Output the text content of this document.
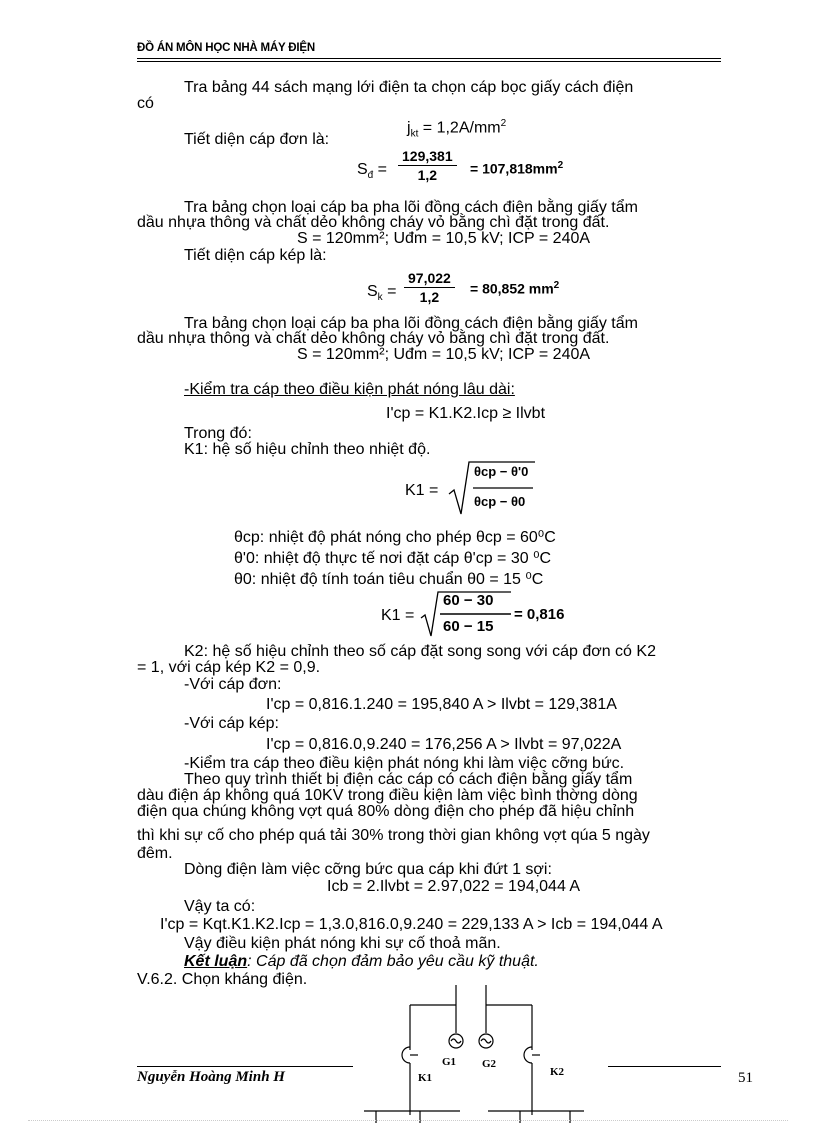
ĐỒ ÁN MÔN HỌC NHÀ MÁY ĐIỆN
Tra bảng 44 sách mạng lới điện ta chọn cáp bọc giấy cách điện
có
$j_{kt} = 1,2A/mm^2$
Tiết diện cáp đơn là:
$S_đ = \frac{129,381}{1,2} = 107,818mm^2$
Tra bảng chọn loại cáp ba pha lõi đồng cách điện bằng giấy tẩm
dầu nhựa thông và chất dẻo không cháy vỏ bằng chì đặt trong đất.
S = 120mm²; Uđm = 10,5 kV; ICP = 240A
Tiết diện cáp kép là:
$S_k = \frac{97,022}{1,2} = 80,852$ $mm^2$
Tra bảng chọn loại cáp ba pha lõi đồng cách điện bằng giấy tẩm
dầu nhựa thông và chất dẻo không cháy vỏ bằng chì đặt trong đất.
S = 120mm²; Uđm = 10,5 kV; ICP = 240A
-Kiểm tra cáp theo điều kiện phát nóng lâu dài:
I'cp = K1.K2.Icp ≥ Ilvbt
Trong đó:
K1: hệ số hiệu chỉnh theo nhiệt độ.
K1 =
θcp − θ'0
θcp − θ0
θcp: nhiệt độ phát nóng cho phép θcp = 60⁰C
θ'0: nhiệt độ thực tế nơi đặt cáp θ'cp = 30 ⁰C
θ0: nhiệt độ tính toán tiêu chuẩn θ0 = 15 ⁰C
K1 =
60 − 30
60 − 15
= 0,816
K2: hệ số hiệu chỉnh theo số cáp đặt song song với cáp đơn có K2
= 1, với cáp kép K2 = 0,9.
-Với cáp đơn:
I'cp = 0,816.1.240 = 195,840 A > Ilvbt = 129,381A
-Với cáp kép:
I'cp = 0,816.0,9.240 = 176,256 A > Ilvbt = 97,022A
-Kiểm tra cáp theo điều kiện phát nóng khi làm việc cỡng bức.
Theo quy trình thiết bị điện các cáp có cách điện bằng giấy tẩm
dàu điện áp không quá 10KV trong điều kiện làm việc bình thờng dòng
điện qua chúng không vợt quá 80% dòng điện cho phép đã hiệu chỉnh
thì khi sự cố cho phép quá tải 30% trong thời gian không vợt qúa 5 ngày
đêm.
Dòng điện làm việc cỡng bức qua cáp khi đứt 1 sợi:
Icb = 2.Ilvbt = 2.97,022 = 194,044 A
Vậy ta có:
I'cp = Kqt.K1.K2.Icp = 1,3.0,816.0,9.240 = 229,133 A > Icb = 194,044 A
Vậy điều kiện phát nóng khi sự cố thoả mãn.
Kết luận: Cáp đã chọn đảm bảo yêu cầu kỹ thuật.
V.6.2. Chọn kháng điện.
G1 G2
K1	K2
Nguyễn Hoàng Minh H	51
